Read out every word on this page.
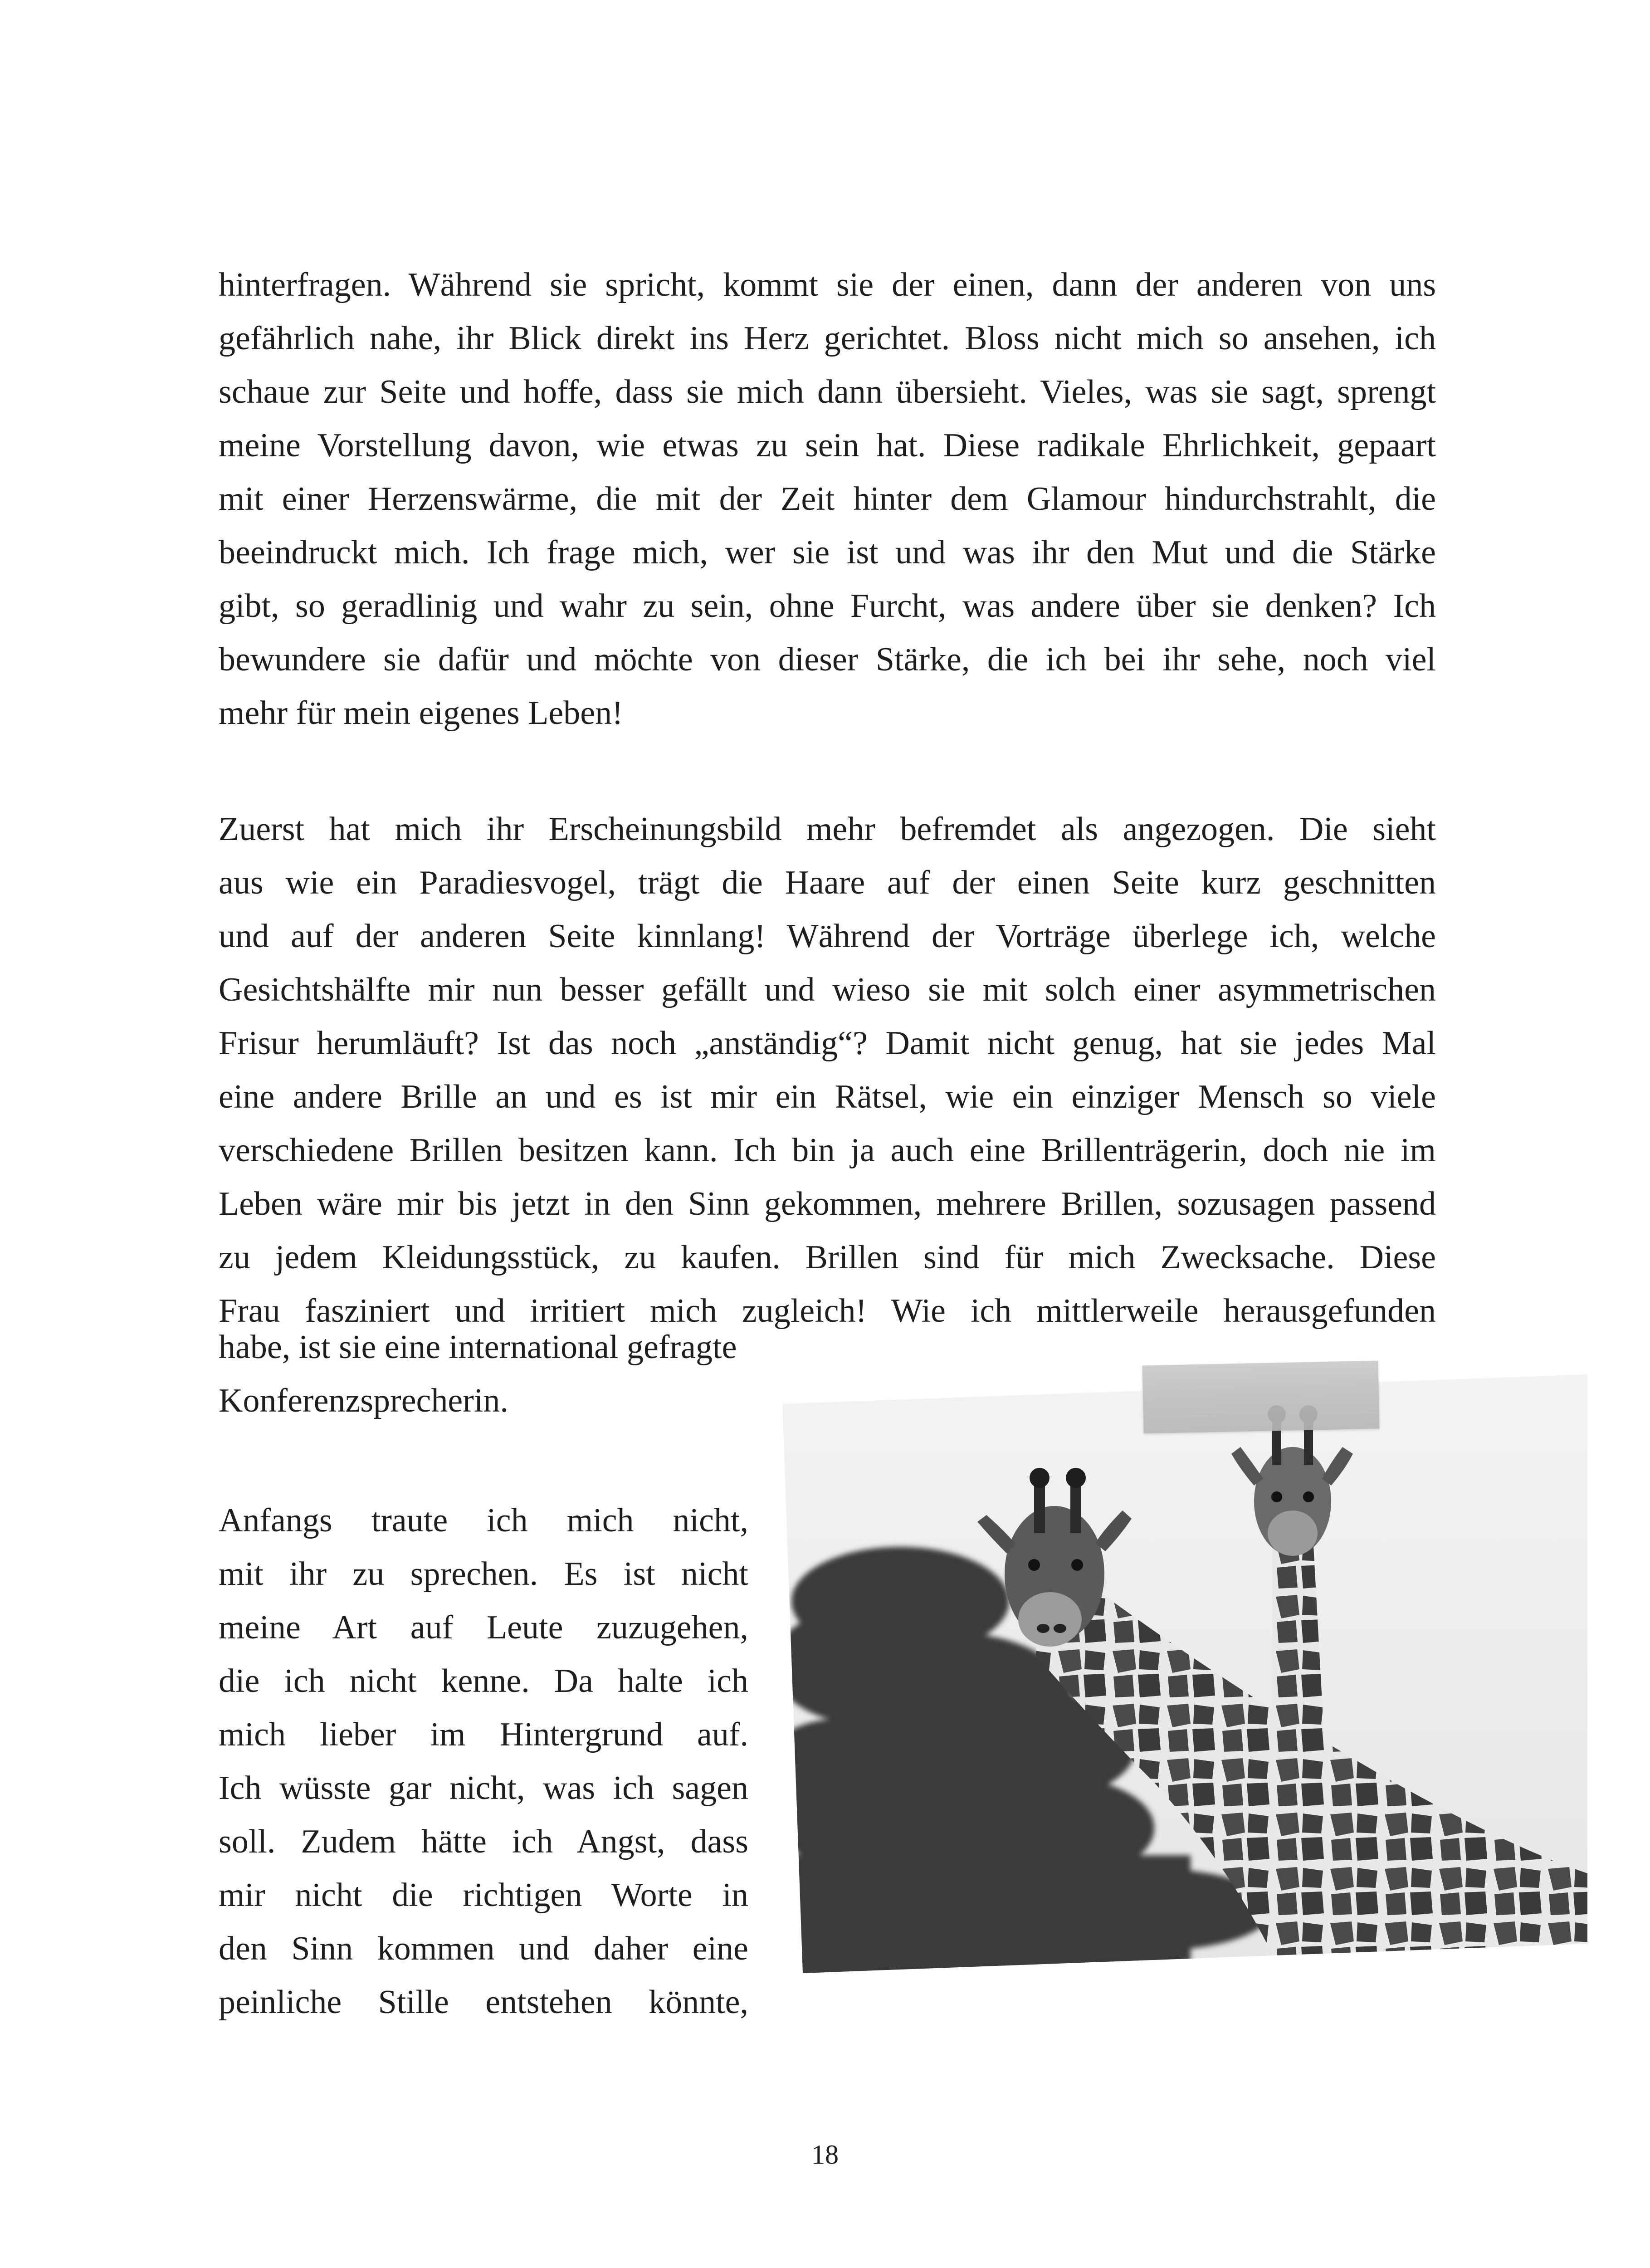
hinterfragen. Während sie spricht, kommt sie der einen, dann der anderen von uns
gefährlich nahe, ihr Blick direkt ins Herz gerichtet. Bloss nicht mich so ansehen, ich
schaue zur Seite und hoffe, dass sie mich dann übersieht. Vieles, was sie sagt, sprengt
meine Vorstellung davon, wie etwas zu sein hat. Diese radikale Ehrlichkeit, gepaart
mit einer Herzenswärme, die mit der Zeit hinter dem Glamour hindurchstrahlt, die
beeindruckt mich. Ich frage mich, wer sie ist und was ihr den Mut und die Stärke
gibt, so geradlinig und wahr zu sein, ohne Furcht, was andere über sie denken? Ich
bewundere sie dafür und möchte von dieser Stärke, die ich bei ihr sehe, noch viel
mehr für mein eigenes Leben!
Zuerst hat mich ihr Erscheinungsbild mehr befremdet als angezogen. Die sieht
aus wie ein Paradiesvogel, trägt die Haare auf der einen Seite kurz geschnitten
und auf der anderen Seite kinnlang! Während der Vorträge überlege ich, welche
Gesichtshälfte mir nun besser gefällt und wieso sie mit solch einer asymmetrischen
Frisur herumläuft? Ist das noch „anständig“? Damit nicht genug, hat sie jedes Mal
eine andere Brille an und es ist mir ein Rätsel, wie ein einziger Mensch so viele
verschiedene Brillen besitzen kann. Ich bin ja auch eine Brillenträgerin, doch nie im
Leben wäre mir bis jetzt in den Sinn gekommen, mehrere Brillen, sozusagen passend
zu jedem Kleidungsstück, zu kaufen. Brillen sind für mich Zwecksache. Diese
Frau fasziniert und irritiert mich zugleich! Wie ich mittlerweile herausgefunden
habe, ist sie eine international gefragte
Konferenzsprecherin.
Anfangs traute ich mich nicht,
mit ihr zu sprechen. Es ist nicht
meine Art auf Leute zuzugehen,
die ich nicht kenne. Da halte ich
mich lieber im Hintergrund auf.
Ich wüsste gar nicht, was ich sagen
soll. Zudem hätte ich Angst, dass
mir nicht die richtigen Worte in
den Sinn kommen und daher eine
peinliche Stille entstehen könnte,
18
